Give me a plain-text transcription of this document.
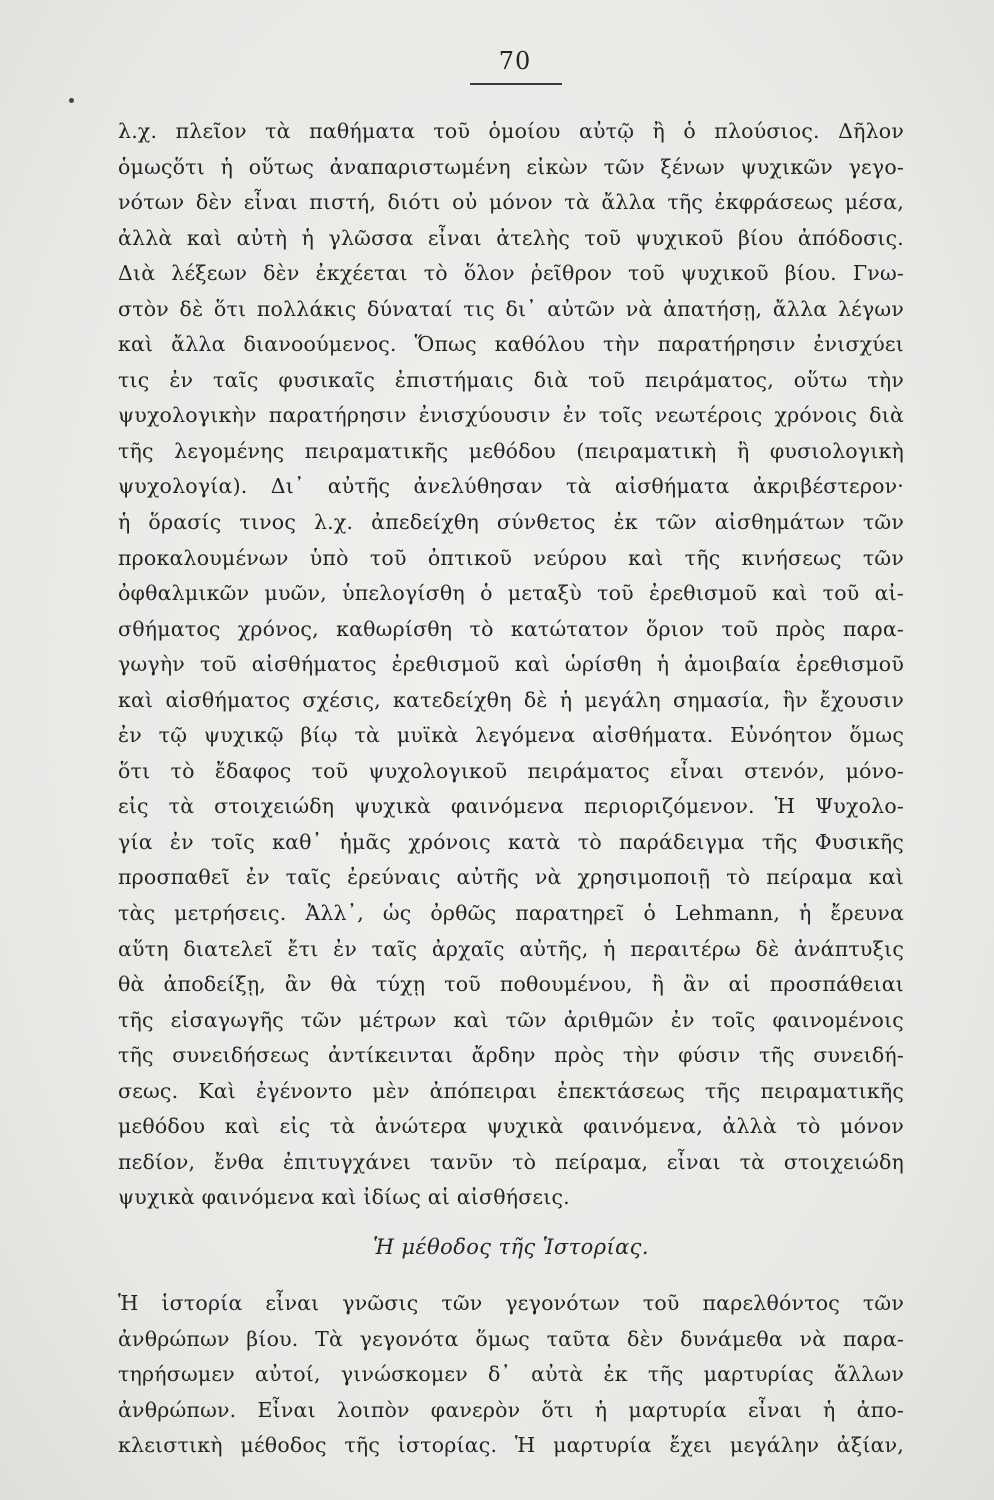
70
λ.χ. πλεῖον τὰ παθήματα τοῦ ὁμοίου αὐτῷ ἢ ὁ πλούσιος. Δῆλον
ὁμωςὅτι ἡ οὕτως ἀναπαριστωμένη εἰκὼν τῶν ξένων ψυχικῶν γεγο-
νότων δὲν εἶναι πιστή, διότι οὐ μόνον τὰ ἄλλα τῆς ἐκφράσεως μέσα,
ἀλλὰ καὶ αὐτὴ ἡ γλῶσσα εἶναι ἀτελὴς τοῦ ψυχικοῦ βίου ἀπόδοσις.
Διὰ λέξεων δὲν ἐκχέεται τὸ ὅλον ῥεῖθρον τοῦ ψυχικοῦ βίου. Γνω-
στὸν δὲ ὅτι πολλάκις δύναταί τις δι᾽ αὐτῶν νὰ ἀπατήσῃ, ἄλλα λέγων
καὶ ἄλλα διανοούμενος. Ὅπως καθόλου τὴν παρατήρησιν ἐνισχύει
τις ἐν ταῖς φυσικαῖς ἐπιστήμαις διὰ τοῦ πειράματος, οὕτω τὴν
ψυχολογικὴν παρατήρησιν ἐνισχύουσιν ἐν τοῖς νεωτέροις χρόνοις διὰ
τῆς λεγομένης πειραματικῆς μεθόδου (πειραματικὴ ἢ φυσιολογικὴ
ψυχολογία). Δι᾽ αὐτῆς ἀνελύθησαν τὰ αἰσθήματα ἀκριβέστερον·
ἡ ὅρασίς τινος λ.χ. ἀπεδείχθη σύνθετος ἐκ τῶν αἰσθημάτων τῶν
προκαλουμένων ὑπὸ τοῦ ὀπτικοῦ νεύρου καὶ τῆς κινήσεως τῶν
ὀφθαλμικῶν μυῶν, ὑπελογίσθη ὁ μεταξὺ τοῦ ἐρεθισμοῦ καὶ τοῦ αἰ-
σθήματος χρόνος, καθωρίσθη τὸ κατώτατον ὅριον τοῦ πρὸς παρα-
γωγὴν τοῦ αἰσθήματος ἐρεθισμοῦ καὶ ὡρίσθη ἡ ἀμοιβαία ἐρεθισμοῦ
καὶ αἰσθήματος σχέσις, κατεδείχθη δὲ ἡ μεγάλη σημασία, ἣν ἔχουσιν
ἐν τῷ ψυχικῷ βίῳ τὰ μυϊκὰ λεγόμενα αἰσθήματα. Εὐνόητον ὅμως
ὅτι τὸ ἔδαφος τοῦ ψυχολογικοῦ πειράματος εἶναι στενόν, μόνο-
εἰς τὰ στοιχειώδη ψυχικὰ φαινόμενα περιοριζόμενον. Ἡ Ψυχολο-
γία ἐν τοῖς καθ᾽ ἡμᾶς χρόνοις κατὰ τὸ παράδειγμα τῆς Φυσικῆς
προσπαθεῖ ἐν ταῖς ἐρεύναις αὐτῆς νὰ χρησιμοποιῇ τὸ πείραμα καὶ
τὰς μετρήσεις. Ἀλλ᾽, ὡς ὀρθῶς παρατηρεῖ ὁ Lehmann, ἡ ἔρευνα
αὕτη διατελεῖ ἔτι ἐν ταῖς ἀρχαῖς αὐτῆς, ἡ περαιτέρω δὲ ἀνάπτυξις
θὰ ἀποδείξῃ, ἂν θὰ τύχῃ τοῦ ποθουμένου, ἢ ἂν αἱ προσπάθειαι
τῆς εἰσαγωγῆς τῶν μέτρων καὶ τῶν ἀριθμῶν ἐν τοῖς φαινομένοις
τῆς συνειδήσεως ἀντίκεινται ἄρδην πρὸς τὴν φύσιν τῆς συνειδή-
σεως. Καὶ ἐγένοντο μὲν ἀπόπειραι ἐπεκτάσεως τῆς πειραματικῆς
μεθόδου καὶ εἰς τὰ ἀνώτερα ψυχικὰ φαινόμενα, ἀλλὰ τὸ μόνον
πεδίον, ἔνθα ἐπιτυγχάνει τανῦν τὸ πείραμα, εἶναι τὰ στοιχειώδη
ψυχικὰ φαινόμενα καὶ ἰδίως αἱ αἰσθήσεις.
Ἡ μέθοδος τῆς Ἱστορίας.
Ἡ ἱστορία εἶναι γνῶσις τῶν γεγονότων τοῦ παρελθόντος τῶν
ἀνθρώπων βίου. Τὰ γεγονότα ὅμως ταῦτα δὲν δυνάμεθα νὰ παρα-
τηρήσωμεν αὐτοί, γινώσκομεν δ᾽ αὐτὰ ἐκ τῆς μαρτυρίας ἄλλων
ἀνθρώπων. Εἶναι λοιπὸν φανερὸν ὅτι ἡ μαρτυρία εἶναι ἡ ἀπο-
κλειστικὴ μέθοδος τῆς ἱστορίας. Ἡ μαρτυρία ἔχει μεγάλην ἀξίαν,
